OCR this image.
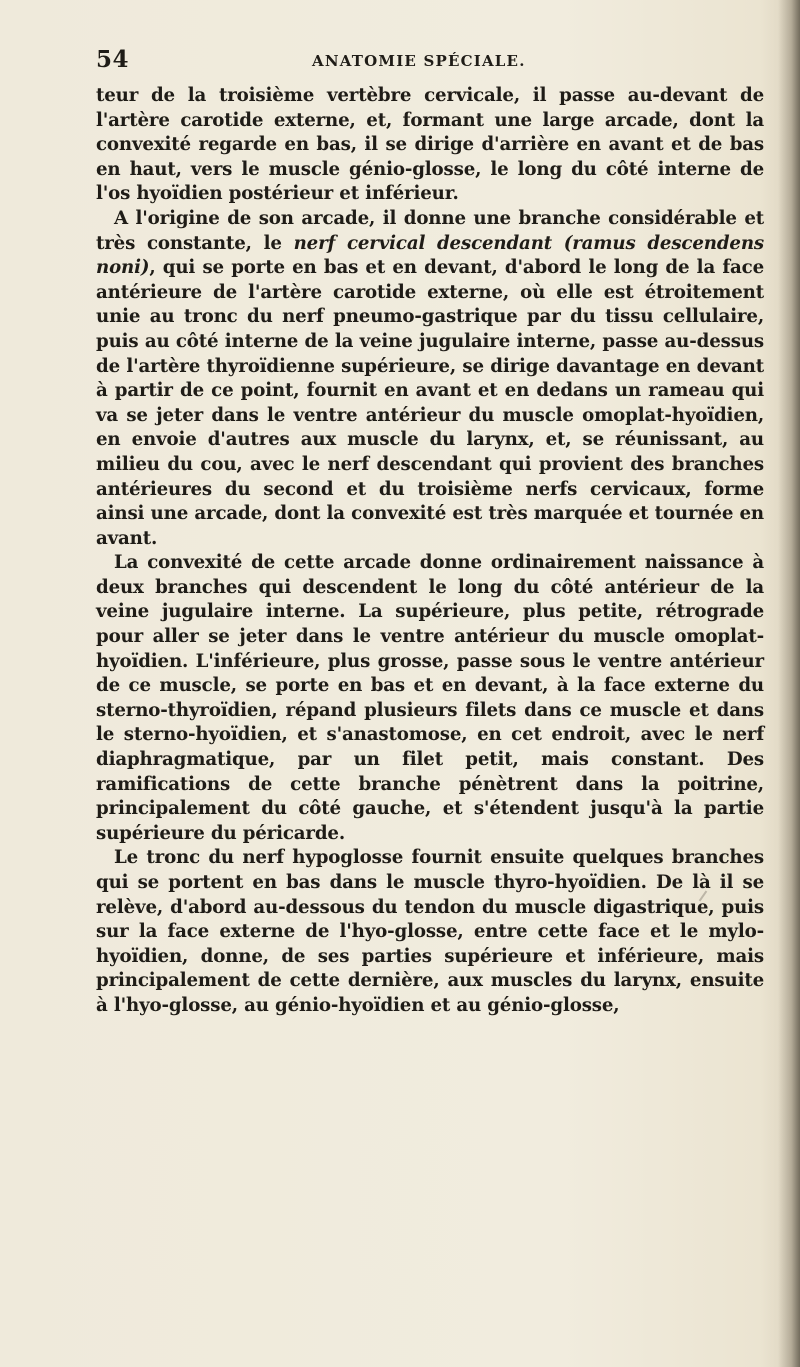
54	ANATOMIE SPÉCIALE.

teur de la troisième vertèbre cervicale, il passe au-devant de l'artère carotide externe, et, formant une large arcade, dont la convexité regarde en bas, il se dirige d'arrière en avant et de bas en haut, vers le muscle génio-glosse, le long du côté interne de l'os hyoïdien postérieur et inférieur.

A l'origine de son arcade, il donne une branche considérable et très constante, le nerf cervical descendant (ramus descendens noni), qui se porte en bas et en devant, d'abord le long de la face antérieure de l'artère carotide externe, où elle est étroitement unie au tronc du nerf pneumo-gastrique par du tissu cellulaire, puis au côté interne de la veine jugulaire interne, passe au-dessus de l'artère thyroïdienne supérieure, se dirige davantage en devant à partir de ce point, fournit en avant et en dedans un rameau qui va se jeter dans le ventre antérieur du muscle omoplat-hyoïdien, en envoie d'autres aux muscle du larynx, et, se réunissant, au milieu du cou, avec le nerf descendant qui provient des branches antérieures du second et du troisième nerfs cervicaux, forme ainsi une arcade, dont la convexité est très marquée et tournée en avant.

La convexité de cette arcade donne ordinairement naissance à deux branches qui descendent le long du côté antérieur de la veine jugulaire interne. La supérieure, plus petite, rétrograde pour aller se jeter dans le ventre antérieur du muscle omoplat-hyoïdien. L'inférieure, plus grosse, passe sous le ventre antérieur de ce muscle, se porte en bas et en devant, à la face externe du sterno-thyroïdien, répand plusieurs filets dans ce muscle et dans le sterno-hyoïdien, et s'anastomose, en cet endroit, avec le nerf diaphragmatique, par un filet petit, mais constant. Des ramifications de cette branche pénètrent dans la poitrine, principalement du côté gauche, et s'étendent jusqu'à la partie supérieure du péricarde.

Le tronc du nerf hypoglosse fournit ensuite quelques branches qui se portent en bas dans le muscle thyro-hyoïdien. De là il se relève, d'abord au-dessous du tendon du muscle digastrique, puis sur la face externe de l'hyo-glosse, entre cette face et le mylo-hyoïdien, donne, de ses parties supérieure et inférieure, mais principalement de cette dernière, aux muscles du larynx, ensuite à l'hyo-glosse, au génio-hyoïdien et au génio-glosse,
